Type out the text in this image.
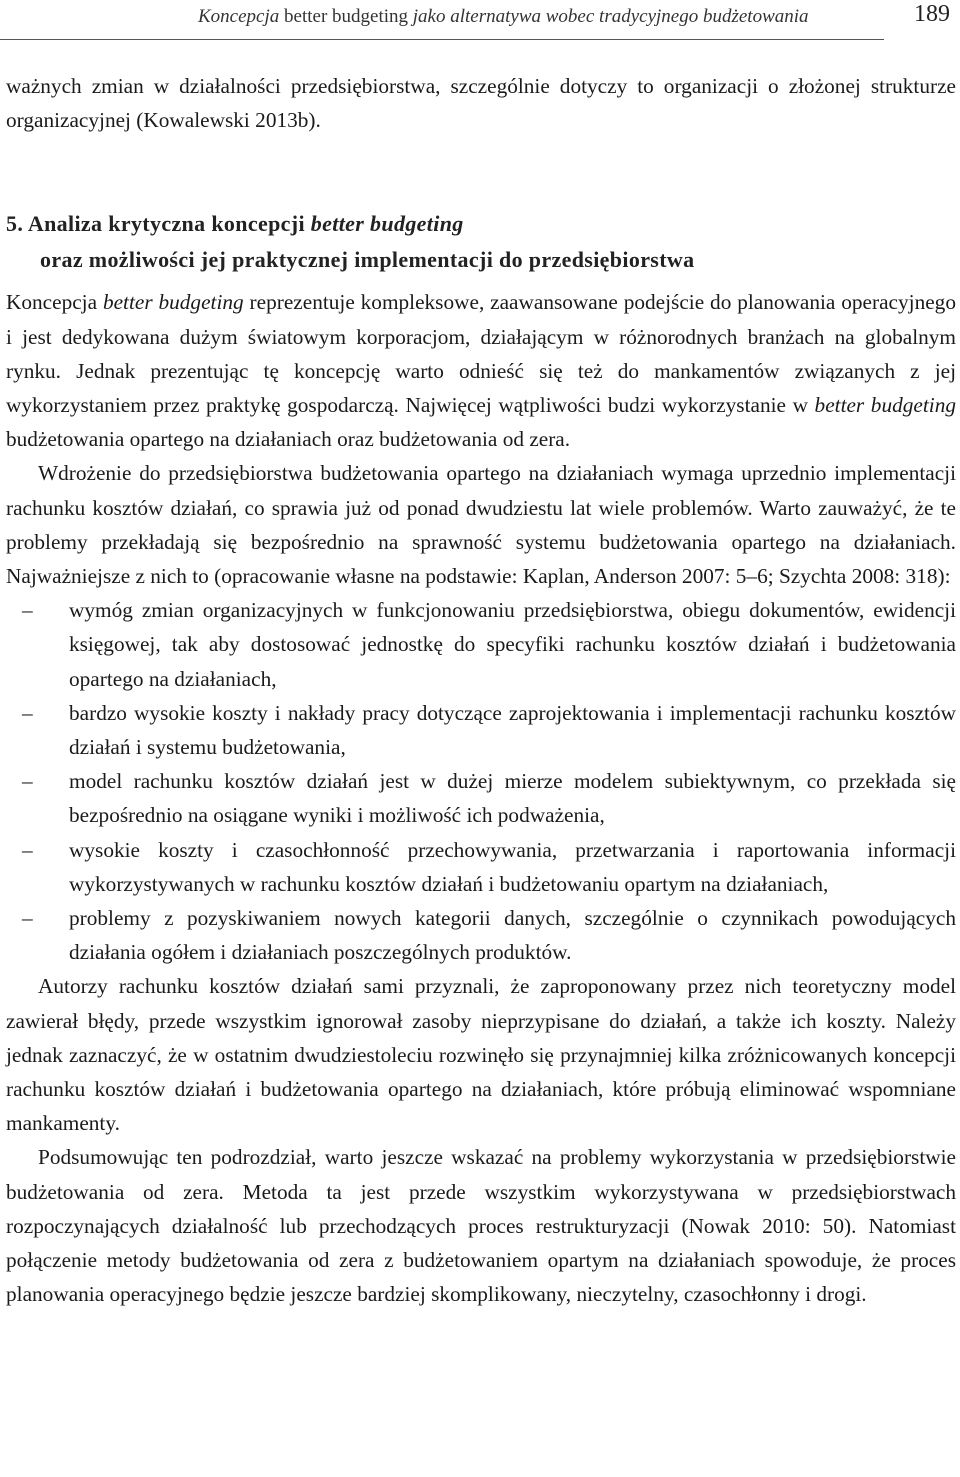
Koncepcja better budgeting jako alternatywa wobec tradycyjnego budżetowania	189

ważnych zmian w działalności przedsiębiorstwa, szczególnie dotyczy to organizacji o złożonej strukturze organizacyjnej (Kowalewski 2013b).

5. Analiza krytyczna koncepcji better budgeting
oraz możliwości jej praktycznej implementacji do przedsiębiorstwa

Koncepcja better budgeting reprezentuje kompleksowe, zaawansowane podejście do planowania operacyjnego i jest dedykowana dużym światowym korporacjom, działającym w różnorodnych branżach na globalnym rynku. Jednak prezentując tę koncepcję warto odnieść się też do mankamentów związanych z jej wykorzystaniem przez praktykę gospodarczą. Najwięcej wątpliwości budzi wykorzystanie w better budgeting budżetowania opartego na działaniach oraz budżetowania od zera.

Wdrożenie do przedsiębiorstwa budżetowania opartego na działaniach wymaga uprzednio implementacji rachunku kosztów działań, co sprawia już od ponad dwudziestu lat wiele problemów. Warto zauważyć, że te problemy przekładają się bezpośrednio na sprawność systemu budżetowania opartego na działaniach. Najważniejsze z nich to (opracowanie własne na podstawie: Kaplan, Anderson 2007: 5–6; Szychta 2008: 318):

–	wymóg zmian organizacyjnych w funkcjonowaniu przedsiębiorstwa, obiegu dokumentów, ewidencji księgowej, tak aby dostosować jednostkę do specyfiki rachunku kosztów działań i budżetowania opartego na działaniach,
–	bardzo wysokie koszty i nakłady pracy dotyczące zaprojektowania i implementacji rachunku kosztów działań i systemu budżetowania,
–	model rachunku kosztów działań jest w dużej mierze modelem subiektywnym, co przekłada się bezpośrednio na osiągane wyniki i możliwość ich podważenia,
–	wysokie koszty i czasochłonność przechowywania, przetwarzania i raportowania informacji wykorzystywanych w rachunku kosztów działań i budżetowaniu opartym na działaniach,
–	problemy z pozyskiwaniem nowych kategorii danych, szczególnie o czynnikach powodujących działania ogółem i działaniach poszczególnych produktów.

Autorzy rachunku kosztów działań sami przyznali, że zaproponowany przez nich teoretyczny model zawierał błędy, przede wszystkim ignorował zasoby nieprzypisane do działań, a także ich koszty. Należy jednak zaznaczyć, że w ostatnim dwudziestoleciu rozwinęło się przynajmniej kilka zróżnicowanych koncepcji rachunku kosztów działań i budżetowania opartego na działaniach, które próbują eliminować wspomniane mankamenty.

Podsumowując ten podrozdział, warto jeszcze wskazać na problemy wykorzystania w przedsiębiorstwie budżetowania od zera. Metoda ta jest przede wszystkim wykorzystywana w przedsiębiorstwach rozpoczynających działalność lub przechodzących proces restrukturyzacji (Nowak 2010: 50). Natomiast połączenie metody budżetowania od zera z budżetowaniem opartym na działaniach spowoduje, że proces planowania operacyjnego będzie jeszcze bardziej skomplikowany, nieczytelny, czasochłonny i drogi.
